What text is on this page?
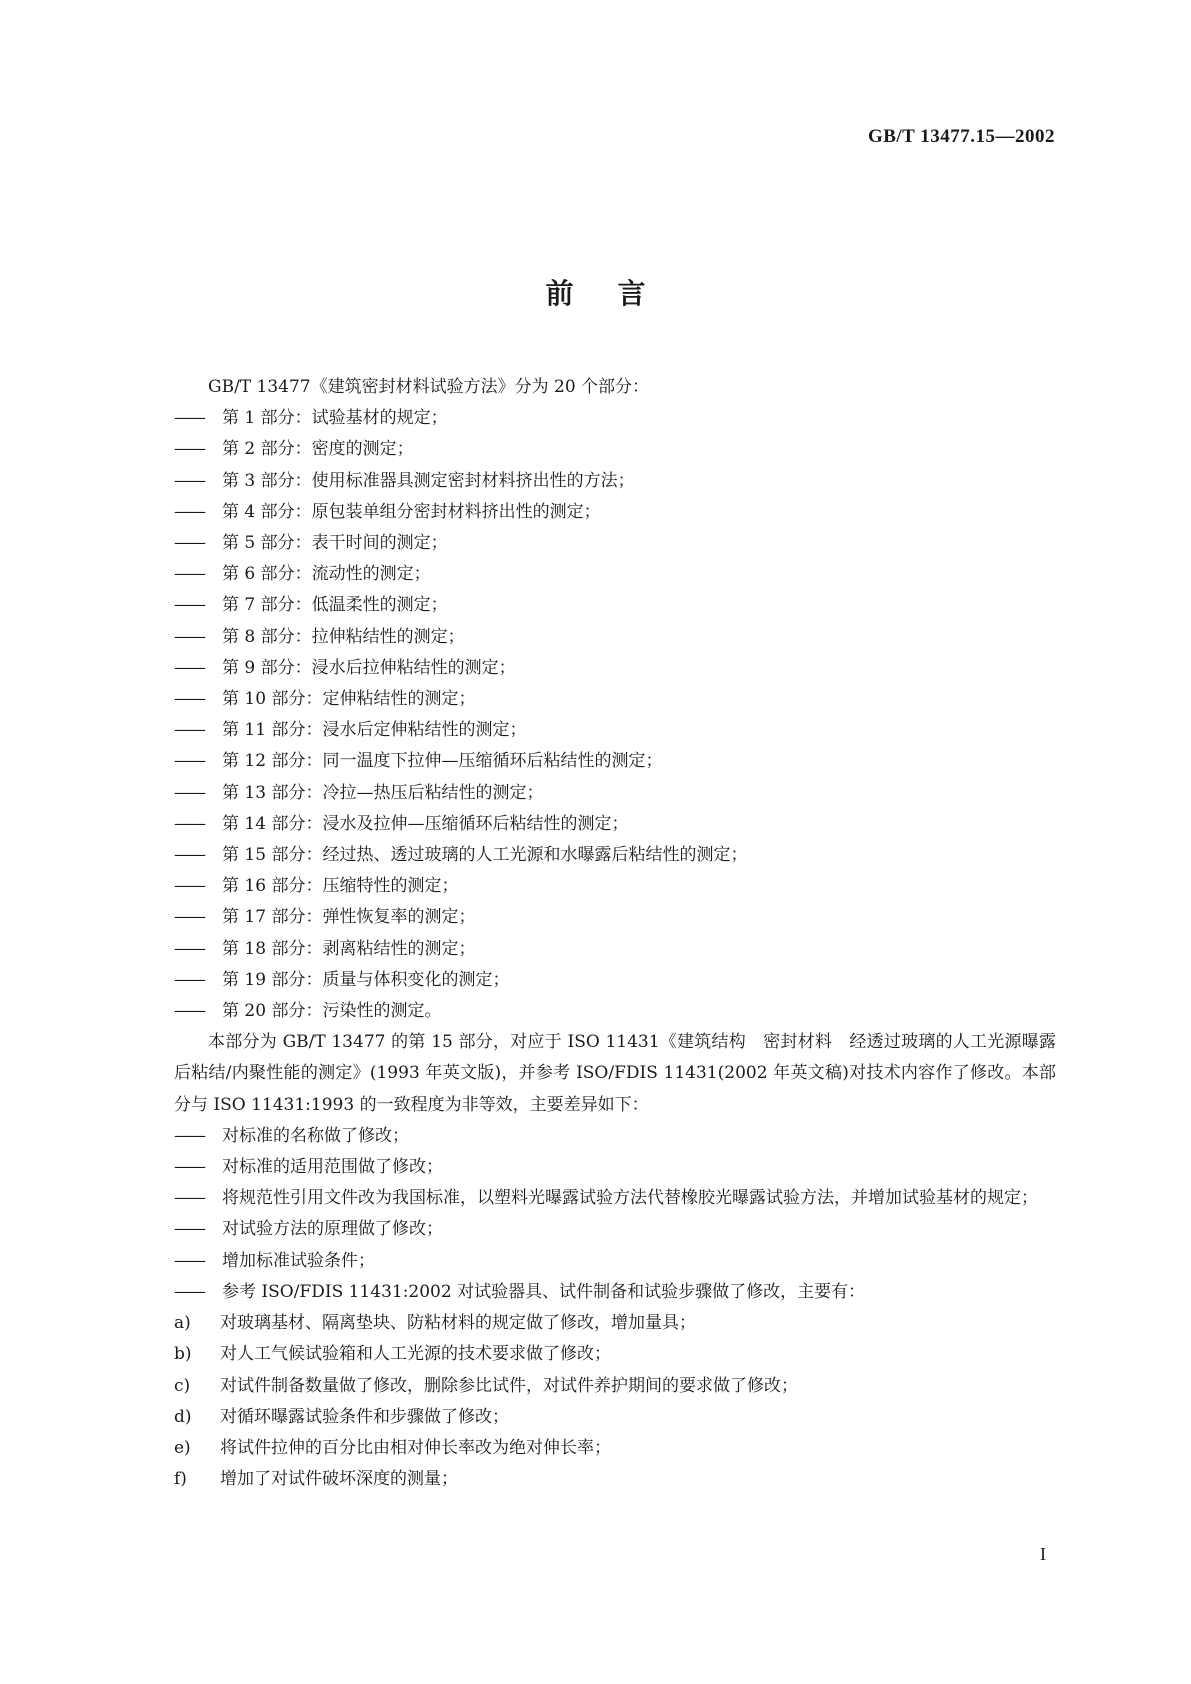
GB/T 13477.15—2002
前言

GB/T 13477《建筑密封材料试验方法》分为 20 个部分：

——	第 1 部分：试验基材的规定；

——	第 2 部分：密度的测定；

——	第 3 部分：使用标准器具测定密封材料挤出性的方法；

——	第 4 部分：原包装单组分密封材料挤出性的测定；

——	第 5 部分：表干时间的测定；

——	第 6 部分：流动性的测定；

——	第 7 部分：低温柔性的测定；

——	第 8 部分：拉伸粘结性的测定；

——	第 9 部分：浸水后拉伸粘结性的测定；

——	第 10 部分：定伸粘结性的测定；

——	第 11 部分：浸水后定伸粘结性的测定；

——	第 12 部分：同一温度下拉伸—压缩循环后粘结性的测定；

——	第 13 部分：冷拉—热压后粘结性的测定；

——	第 14 部分：浸水及拉伸—压缩循环后粘结性的测定；

——	第 15 部分：经过热、透过玻璃的人工光源和水曝露后粘结性的测定；

——	第 16 部分：压缩特性的测定；

——	第 17 部分：弹性恢复率的测定；

——	第 18 部分：剥离粘结性的测定；

——	第 19 部分：质量与体积变化的测定；

——	第 20 部分：污染性的测定。

本部分为 GB/T 13477 的第 15 部分，对应于 ISO 11431《建筑结构　密封材料　经透过玻璃的人工光源曝露后粘结/内聚性能的测定》(1993 年英文版)，并参考 ISO/FDIS 11431(2002 年英文稿)对技术内容作了修改。本部分与 ISO 11431:1993 的一致程度为非等效，主要差异如下：

——	对标准的名称做了修改；

——	对标准的适用范围做了修改；

——	将规范性引用文件改为我国标准，以塑料光曝露试验方法代替橡胶光曝露试验方法，并增加试验基材的规定；

——	对试验方法的原理做了修改；

——	增加标准试验条件；

——	参考 ISO/FDIS 11431:2002 对试验器具、试件制备和试验步骤做了修改，主要有：

a) 对玻璃基材、隔离垫块、防粘材料的规定做了修改，增加量具；

b) 对人工气候试验箱和人工光源的技术要求做了修改；

c) 对试件制备数量做了修改，删除参比试件，对试件养护期间的要求做了修改；

d) 对循环曝露试验条件和步骤做了修改；

e) 将试件拉伸的百分比由相对伸长率改为绝对伸长率；

f) 增加了对试件破坏深度的测量；

I
